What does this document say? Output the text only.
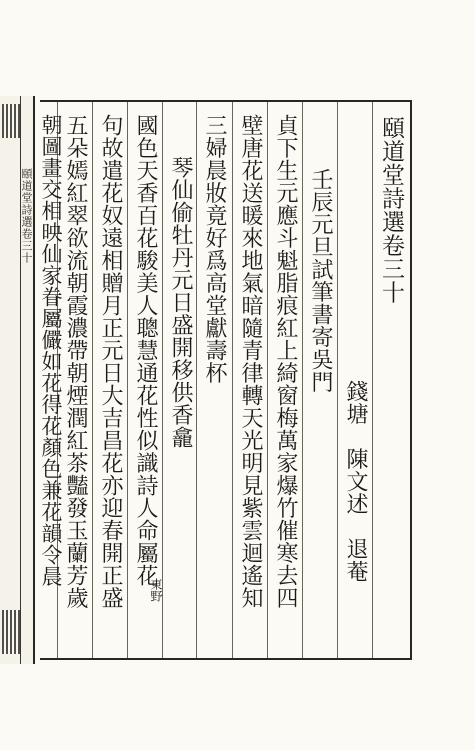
頤道堂詩選卷三十	頤道堂詩選卷三十
錢塘　陳文述　退菴
壬辰元旦試筆書寄吳門
貞下生元應斗魁脂痕紅上綺窗梅萬家爆竹催寒去四
壁唐花送暖來地氣暗隨青律轉天光明見紫雲迴遙知
三婦晨妝竟好爲高堂獻壽杯
琴仙偷牡丹元日盛開移供香龕
國色天香百花駿美人聰慧通花性似識詩人命屬花
東野
句故遣花奴遠相贈月正元日大吉昌花亦迎春開正盛
五朵嫣紅翠欲流朝霞濃帶朝煙潤紅茶豔發玉蘭芳歲
朝圖畫交相映仙家眷屬儼如花得花顏色兼花韻令晨
